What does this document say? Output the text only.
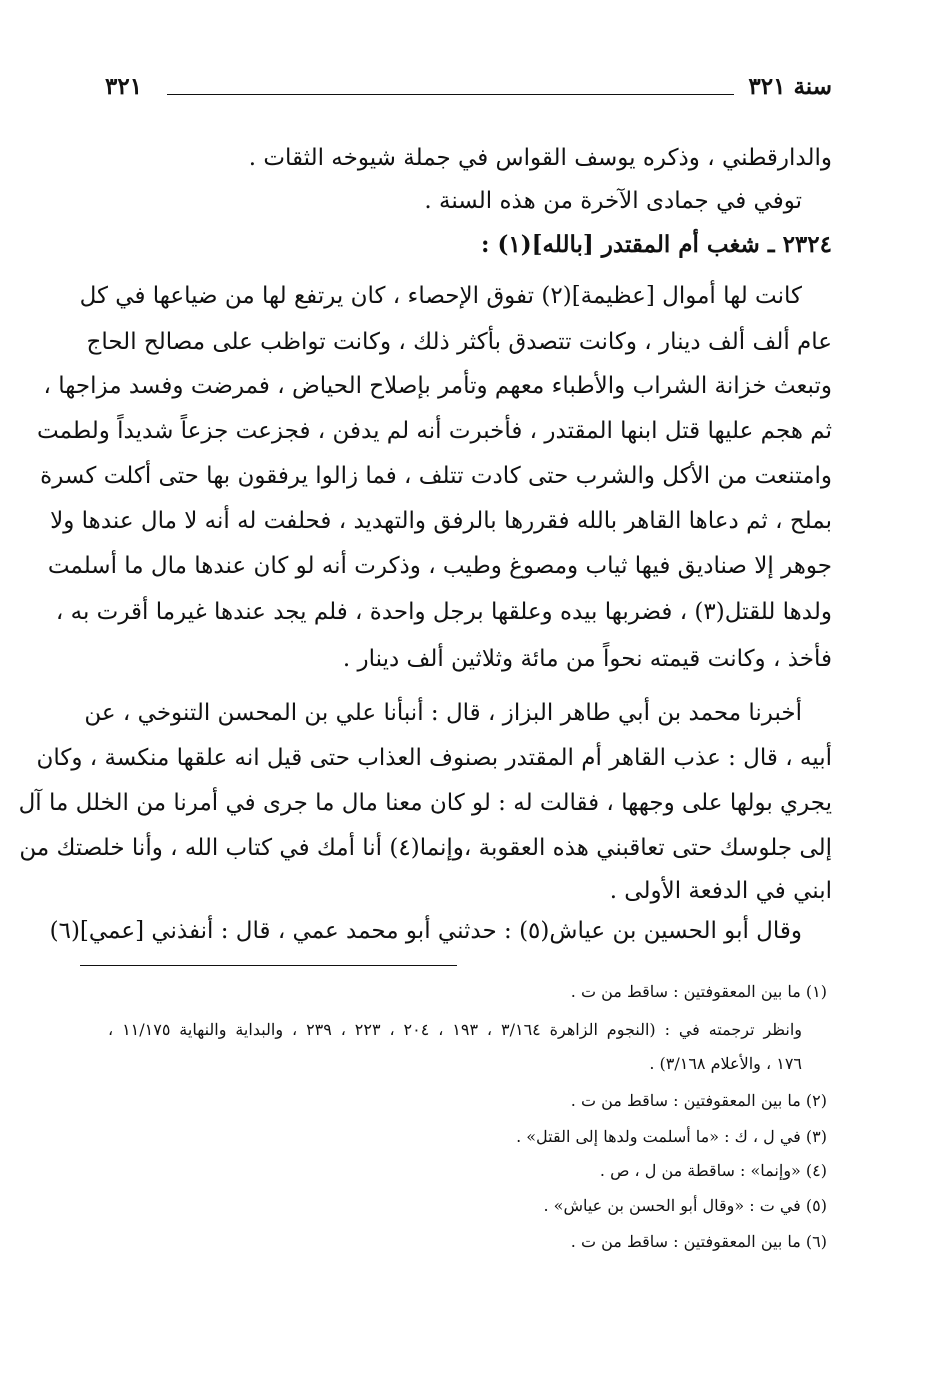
سنة ٣٢١
٣٢١
والدارقطني ، وذكره يوسف القواس في جملة شيوخه الثقات .
توفي في جمادى الآخرة من هذه السنة .
٢٣٢٤ ـ شغب أم المقتدر [بالله](١) :
كانت لها أموال [عظيمة](٢) تفوق الإحصاء ، كان يرتفع لها من ضياعها في كل
عام ألف ألف دينار ، وكانت تتصدق بأكثر ذلك ، وكانت تواظب على مصالح الحاج
وتبعث خزانة الشراب والأطباء معهم وتأمر بإصلاح الحياض ، فمرضت وفسد مزاجها ،
ثم هجم عليها قتل ابنها المقتدر ، فأخبرت أنه لم يدفن ، فجزعت جزعاً شديداً ولطمت
وامتنعت من الأكل والشرب حتى كادت تتلف ، فما زالوا يرفقون بها حتى أكلت كسرة
بملح ، ثم دعاها القاهر بالله فقررها بالرفق والتهديد ، فحلفت له أنه لا مال عندها ولا
جوهر إلا صناديق فيها ثياب ومصوغ وطيب ، وذكرت أنه لو كان عندها مال ما أسلمت
ولدها للقتل(٣) ، فضربها بيده وعلقها برجل واحدة ، فلم يجد عندها غيرما أقرت به ،
فأخذ ، وكانت قيمته نحواً من مائة وثلاثين ألف دينار .
أخبرنا محمد بن أبي طاهر البزاز ، قال : أنبأنا علي بن المحسن التنوخي ، عن
أبيه ، قال : عذب القاهر أم المقتدر بصنوف العذاب حتى قيل انه علقها منكسة ، وكان
يجري بولها على وجهها ، فقالت له : لو كان معنا مال ما جرى في أمرنا من الخلل ما آل
إلى جلوسك حتى تعاقبني هذه العقوبة ،وإنما(٤) أنا أمك في كتاب الله ، وأنا خلصتك من
ابني في الدفعة الأولى .
وقال أبو الحسين بن عياش(٥) : حدثني أبو محمد عمي ، قال : أنفذني [عمي](٦)
(١) ما بين المعقوفتين : ساقط من ت .
وانظر ترجمته في : (النجوم الزاهرة ٣/١٦٤ ، ١٩٣ ، ٢٠٤ ، ٢٢٣ ، ٢٣٩ ، والبداية والنهاية ١١/١٧٥ ،
١٧٦ ، والأعلام ٣/١٦٨) .
(٢) ما بين المعقوفتين : ساقط من ت .
(٣) في ل ، ك : «ما أسلمت ولدها إلى القتل» .
(٤) «وإنما» : ساقطة من ل ، ص .
(٥) في ت : «وقال أبو الحسن بن عياش» .
(٦) ما بين المعقوفتين : ساقط من ت .
